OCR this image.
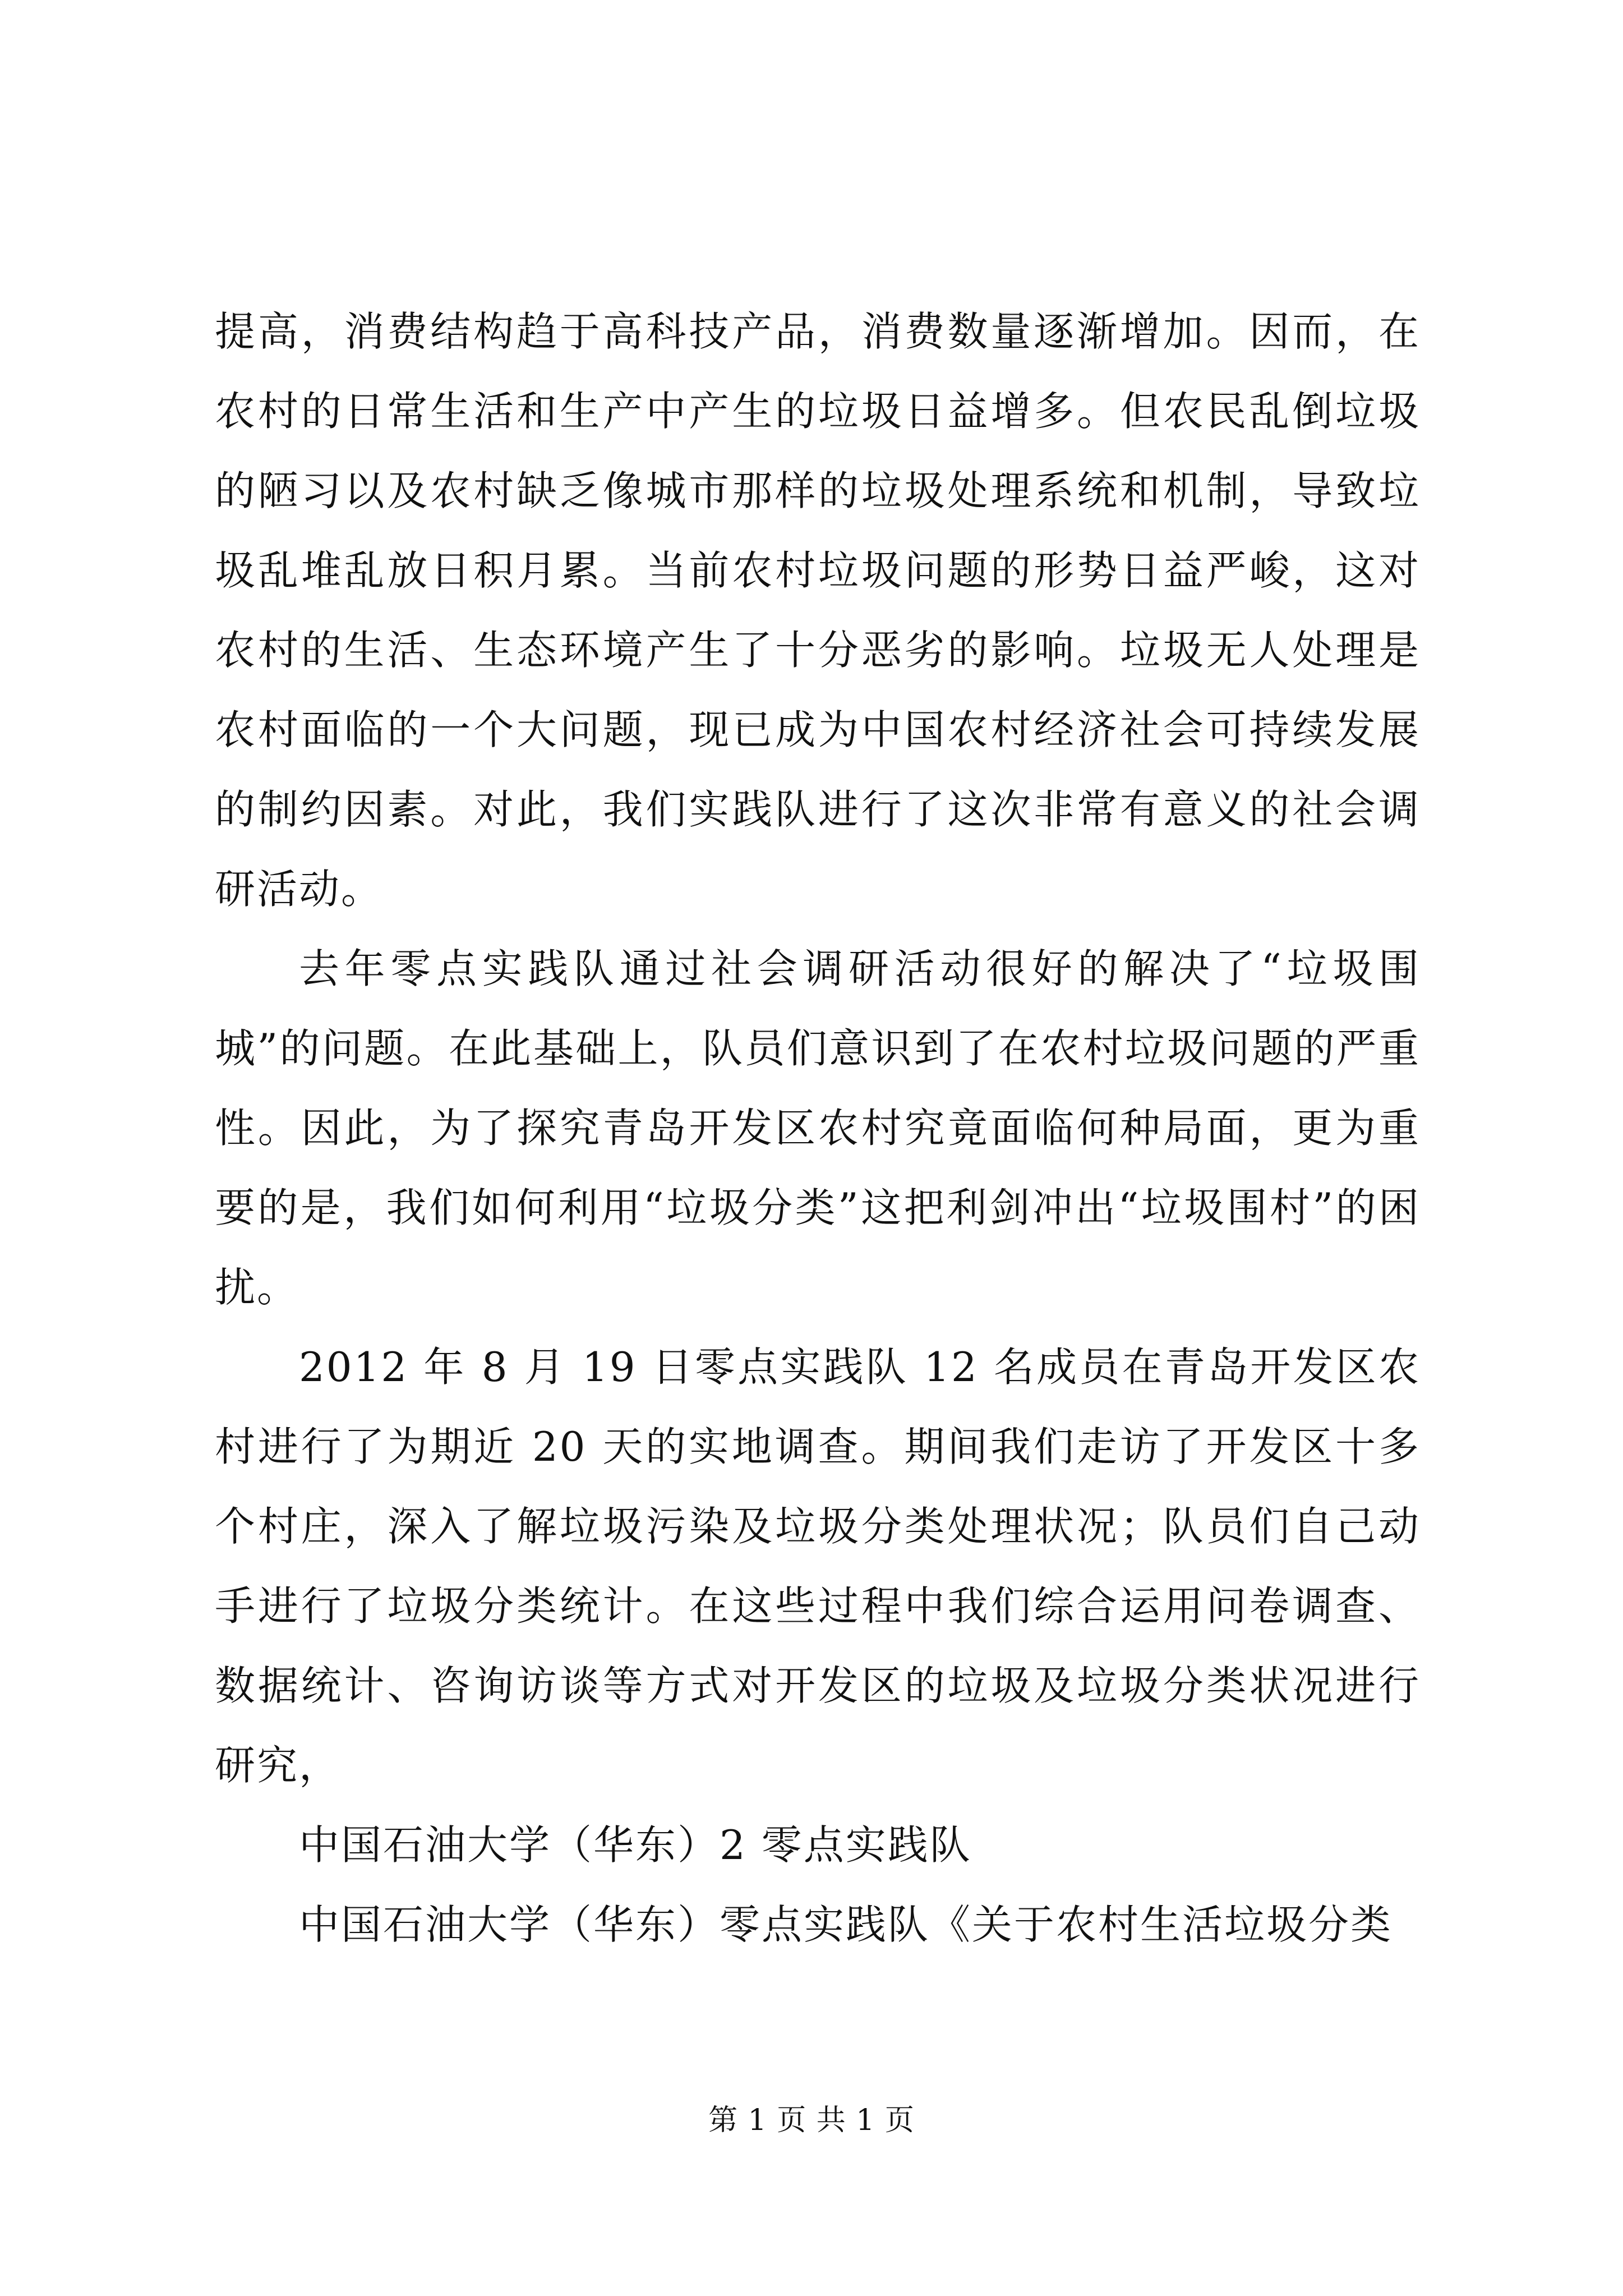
提高，消费结构趋于高科技产品，消费数量逐渐增加。因而，在农村的日常生活和生产中产生的垃圾日益增多。但农民乱倒垃圾的陋习以及农村缺乏像城市那样的垃圾处理系统和机制，导致垃圾乱堆乱放日积月累。当前农村垃圾问题的形势日益严峻，这对农村的生活、生态环境产生了十分恶劣的影响。垃圾无人处理是农村面临的一个大问题，现已成为中国农村经济社会可持续发展的制约因素。对此，我们实践队进行了这次非常有意义的社会调研活动。

去年零点实践队通过社会调研活动很好的解决了“垃圾围城”的问题。在此基础上，队员们意识到了在农村垃圾问题的严重性。因此，为了探究青岛开发区农村究竟面临何种局面，更为重要的是，我们如何利用“垃圾分类”这把利剑冲出“垃圾围村”的困扰。

2012 年 8 月 19 日零点实践队 12 名成员在青岛开发区农村进行了为期近 20 天的实地调查。期间我们走访了开发区十多个村庄，深入了解垃圾污染及垃圾分类处理状况；队员们自己动手进行了垃圾分类统计。在这些过程中我们综合运用问卷调查、数据统计、咨询访谈等方式对开发区的垃圾及垃圾分类状况进行研究，

中国石油大学（华东）2 零点实践队

中国石油大学（华东）零点实践队《关于农村生活垃圾分类

第 1 页 共 1 页
